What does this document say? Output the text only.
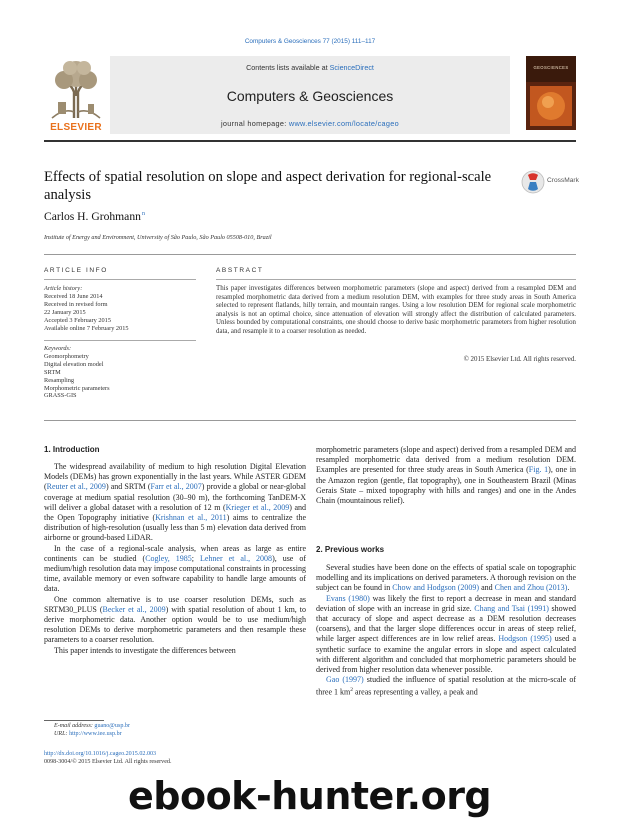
Computers & Geosciences 77 (2015) 111–117
ELSEVIER
Contents lists available at ScienceDirect
Computers & Geosciences
journal homepage: www.elsevier.com/locate/cageo
GEOSCIENCES
Effects of spatial resolution on slope and aspect derivation for regional-scale analysis
CrossMark
Carlos H. Grohmann$^n$
Institute of Energy and Environment, University of São Paulo, São Paulo 05508-010, Brazil
ARTICLE INFO
Article history:
Received 18 June 2014
Received in revised form
22 January 2015
Accepted 3 February 2015
Available online 7 February 2015
Keywords:
Geomorphometry
Digital elevation model
SRTM
Resampling
Morphometric parameters
GRASS-GIS
ABSTRACT
This paper investigates differences between morphometric parameters (slope and aspect) derived from a resampled DEM and resampled morphometric data derived from a medium resolution DEM, with examples for three study areas in South America selected to represent flatlands, hilly terrain, and mountain ranges. Using a low resolution DEM for regional scale morphometric analysis is not an optimal choice, since attenuation of elevation will strongly affect the distribution of calculated parameters. Unless bounded by computational constraints, one should choose to derive basic morphometric parameters from higher resolution data, and resample it to a coarser resolution as needed.
© 2015 Elsevier Ltd. All rights reserved.
1. Introduction

The widespread availability of medium to high resolution Digital Elevation Models (DEMs) has grown exponentially in the last years. While ASTER GDEM (Reuter et al., 2009) and SRTM (Farr et al., 2007) provide a global or near-global coverage at medium spatial resolution (30–90 m), the forthcoming TanDEM-X will deliver a global dataset with a resolution of 12 m (Krieger et al., 2009) and the Open Topography initiative (Krishnan et al., 2011) aims to centralize the distribution of high-resolution (usually less than 5 m) elevation data derived from airborne or ground-based LiDAR.

In the case of a regional-scale analysis, when areas as large as entire continents can be studied (Cogley, 1985; Lehner et al., 2008), use of medium/high resolution data may impose computational constraints in processing time, available memory or even software capability to handle large amounts of data.

One common alternative is to use coarser resolution DEMs, such as SRTM30_PLUS (Becker et al., 2009) with spatial resolution of about 1 km, to derive morphometric data. Another option would be to use medium/high resolution DEMs to derive morphometric parameters and then resample these parameters to a coarser resolution.

This paper intends to investigate the differences between

morphometric parameters (slope and aspect) derived from a resampled DEM and resampled morphometric data derived from a medium resolution DEM. Examples are presented for three study areas in South America (Fig. 1), one in the Amazon region (gentle, flat topography), one in Southeastern Brazil (Minas Gerais State – mixed topography with hills and ranges) and one in the Andes Chain (mountainous relief).

2. Previous works

Several studies have been done on the effects of spatial scale on topographic modelling and its implications on derived parameters. A thorough revision on the subject can be found in Chow and Hodgson (2009) and Chen and Zhou (2013).

Evans (1980) was likely the first to report a decrease in mean and standard deviation of slope with an increase in grid size. Chang and Tsai (1991) showed that accuracy of slope and aspect decrease as a DEM resolution decreases (coarsens), and that the larger slope differences occur in areas of steep relief, while larger aspect differences are in low relief areas. Hodgson (1995) used a synthetic surface to examine the angular errors in slope and aspect calculated with different algorithm and concluded that morphometric parameters should be derived from higher resolution data whenever possible.

Gao (1997) studied the influence of spatial resolution at the micro-scale of three 1 $km^2$ areas representing a valley, a peak and

E-mail address: guano@usp.br
URL: http://www.iee.usp.br
http://dx.doi.org/10.1016/j.cageo.2015.02.003
0098-3004/© 2015 Elsevier Ltd. All rights reserved.
ebook-hunter.org
